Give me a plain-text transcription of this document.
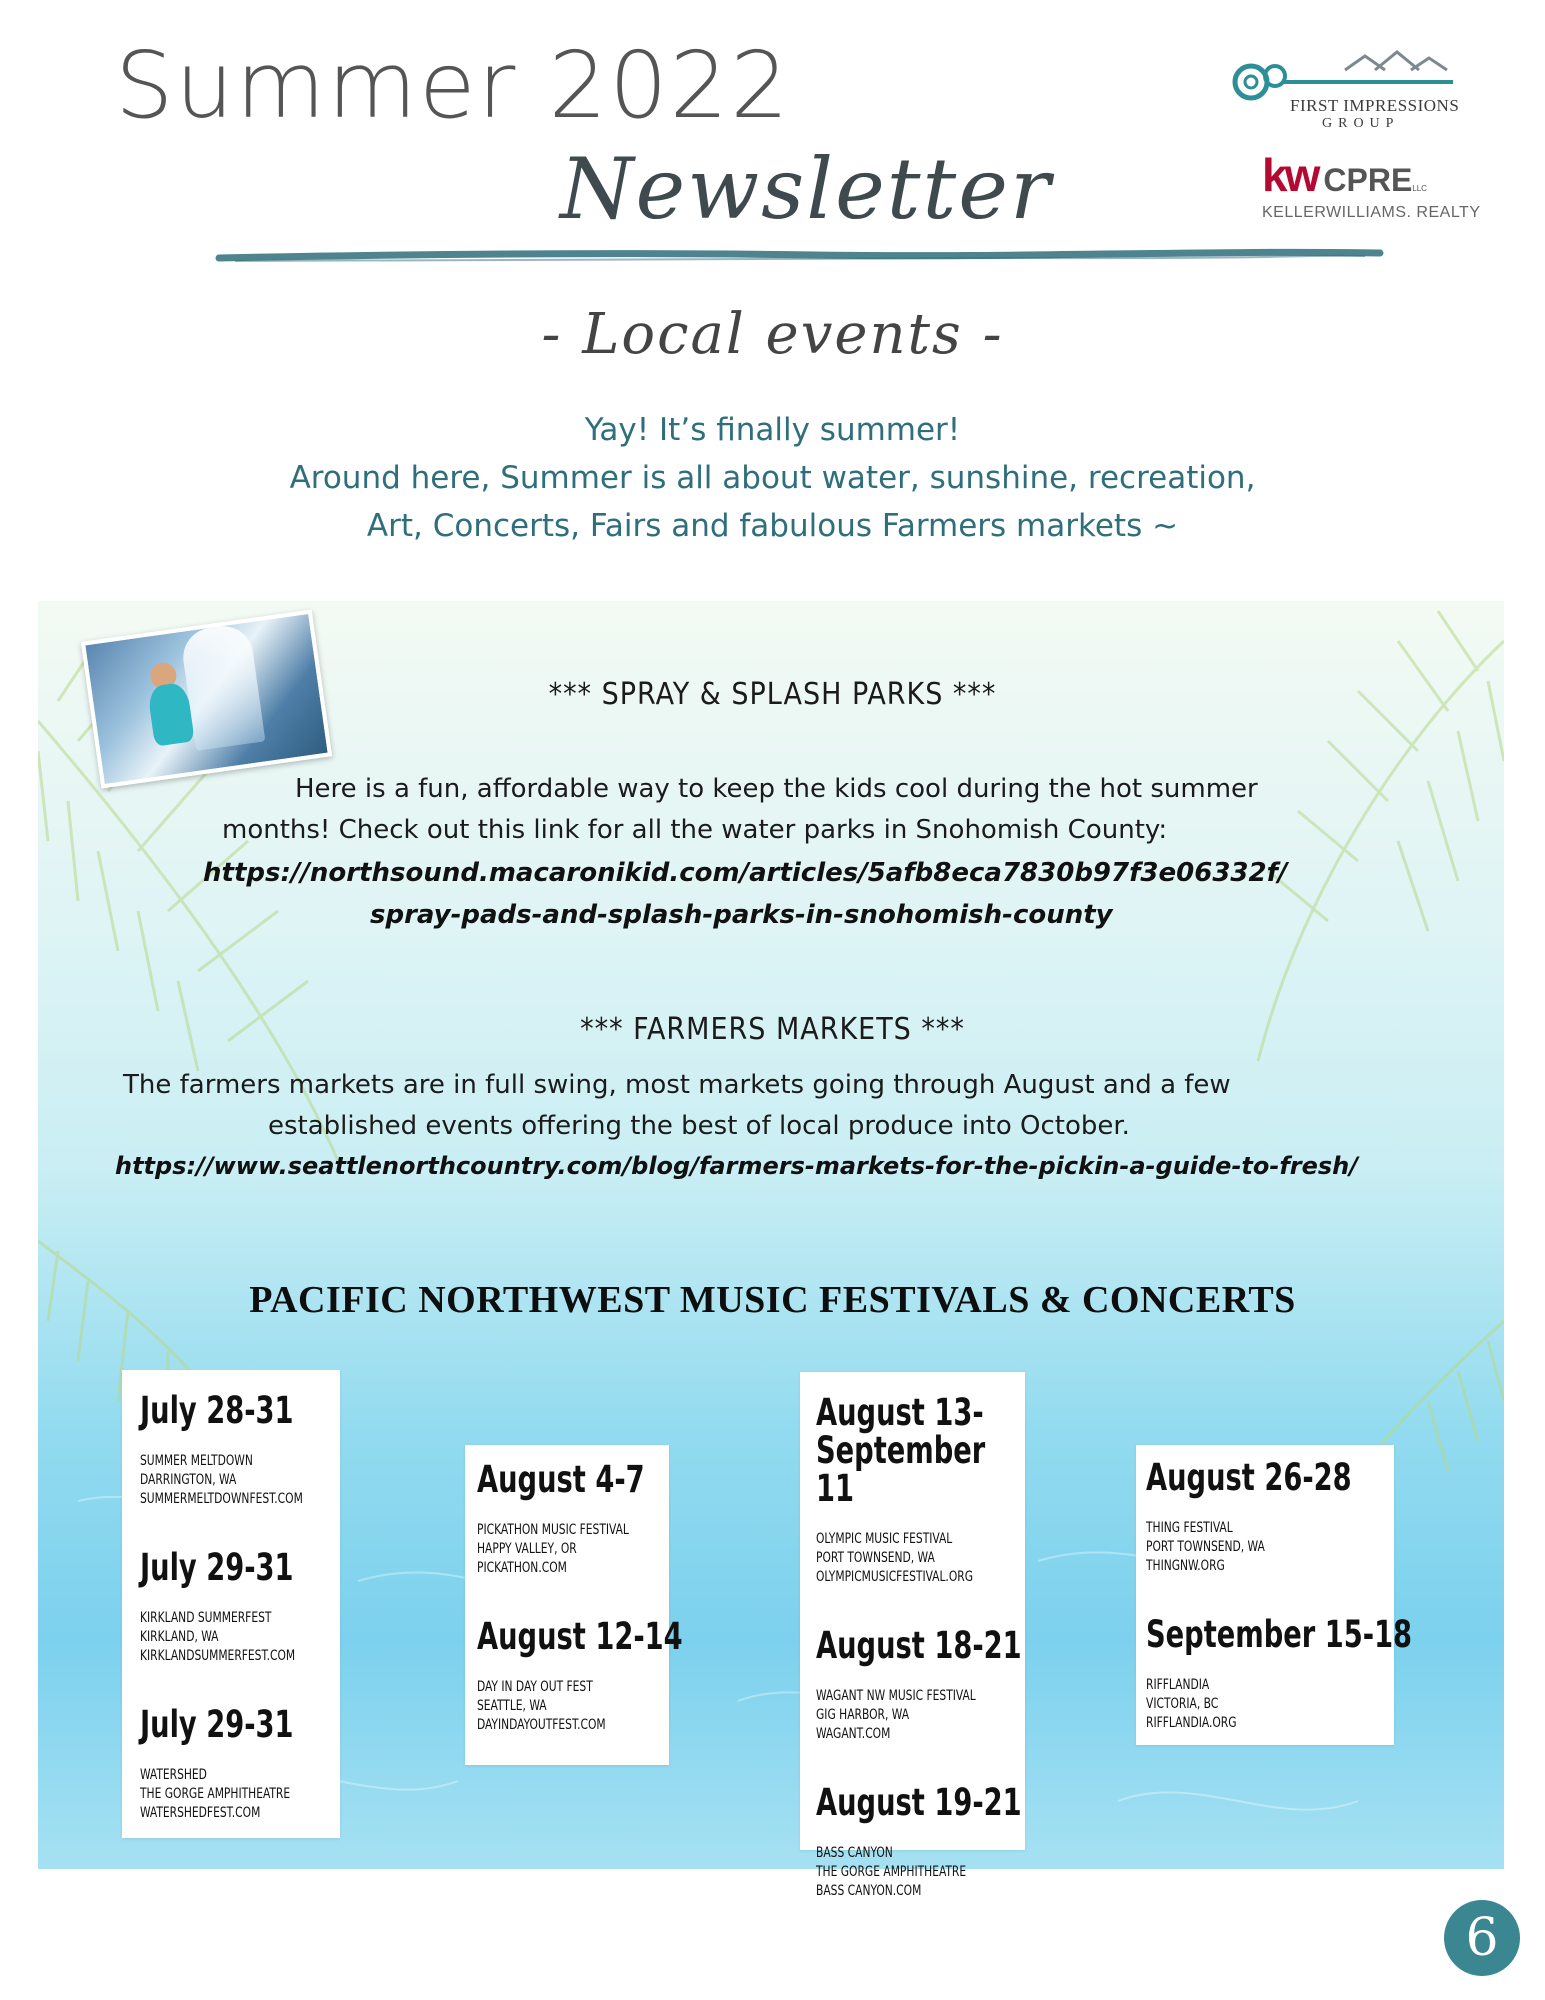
Summer 2022
Newsletter
FIRST IMPRESSIONS
GROUP
kw CPRELLC
KELLERWILLIAMS. REALTY
- Local events -
Yay! It’s finally summer!
Around here, Summer is all about water, sunshine, recreation,
Art, Concerts, Fairs and fabulous Farmers markets ~
*** SPRAY & SPLASH PARKS ***
Here is a fun, affordable way to keep the kids cool during the hot summer
months! Check out this link for all the water parks in Snohomish County:
https://northsound.macaronikid.com/articles/5afb8eca7830b97f3e06332f/
spray-pads-and-splash-parks-in-snohomish-county
*** FARMERS MARKETS ***
The farmers markets are in full swing, most markets going through August and a few
established events offering the best of local produce into October.
https://www.seattlenorthcountry.com/blog/farmers-markets-for-the-pickin-a-guide-to-fresh/
PACIFIC NORTHWEST MUSIC FESTIVALS & CONCERTS
July 28-31
SUMMER MELTDOWN
DARRINGTON, WA
SUMMERMELTDOWNFEST.COM
July 29-31
KIRKLAND SUMMERFEST
KIRKLAND, WA
KIRKLANDSUMMERFEST.COM
July 29-31
WATERSHED
THE GORGE AMPHITHEATRE
WATERSHEDFEST.COM
August 4-7
PICKATHON MUSIC FESTIVAL
HAPPY VALLEY, OR
PICKATHON.COM
August 12-14
DAY IN DAY OUT FEST
SEATTLE, WA
DAYINDAYOUTFEST.COM
August 13- September 11
OLYMPIC MUSIC FESTIVAL
PORT TOWNSEND, WA
OLYMPICMUSICFESTIVAL.ORG
August 18-21
WAGANT NW MUSIC FESTIVAL
GIG HARBOR, WA
WAGANT.COM
August 19-21
BASS CANYON
THE GORGE AMPHITHEATRE
BASS CANYON.COM
August 26-28
THING FESTIVAL
PORT TOWNSEND, WA
THINGNW.ORG
September 15-18
RIFFLANDIA
VICTORIA, BC
RIFFLANDIA.ORG
6
